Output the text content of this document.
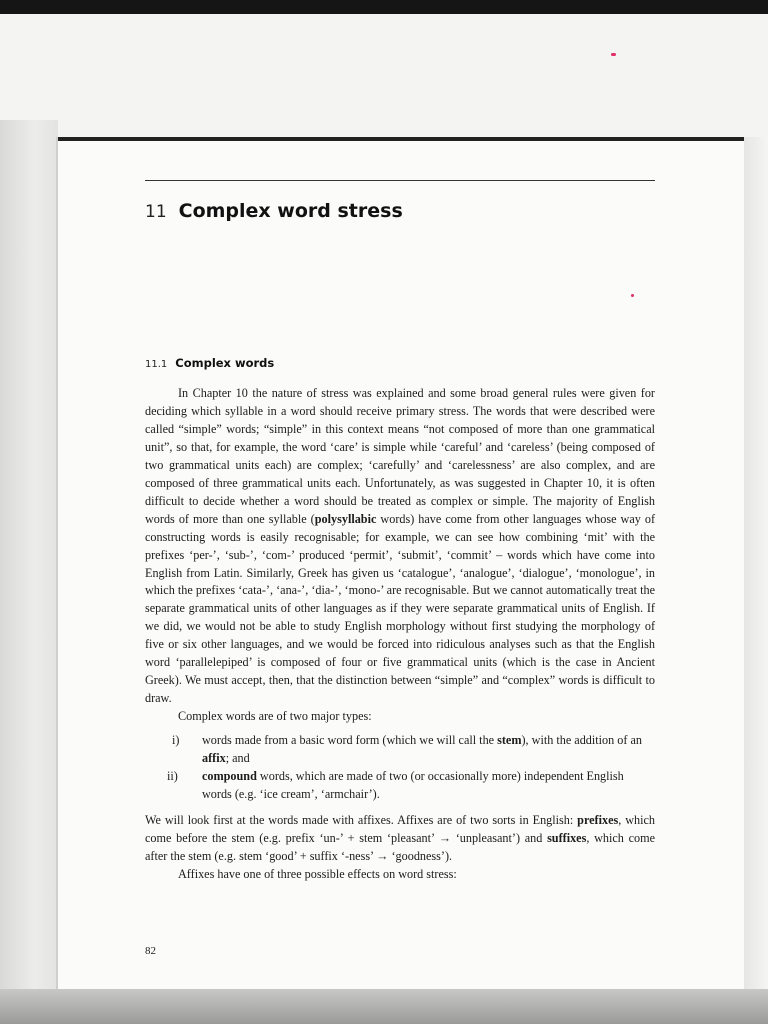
11 Complex word stress
11.1 Complex words

In Chapter 10 the nature of stress was explained and some broad general rules were given for deciding which syllable in a word should receive primary stress. The words that were described were called “simple” words; “simple” in this context means “not composed of more than one grammatical unit”, so that, for example, the word ‘care’ is simple while ‘careful’ and ‘careless’ (being composed of two grammatical units each) are complex; ‘carefully’ and ‘carelessness’ are also complex, and are composed of three grammatical units each. Unfortunately, as was suggested in Chapter 10, it is often difficult to decide whether a word should be treated as complex or simple. The majority of English words of more than one syllable (polysyllabic words) have come from other languages whose way of constructing words is easily recognisable; for example, we can see how combining ‘mit’ with the prefixes ‘per-’, ‘sub-’, ‘com-’ produced ‘permit’, ‘submit’, ‘commit’ – words which have come into English from Latin. Similarly, Greek has given us ‘catalogue’, ‘analogue’, ‘dialogue’, ‘monologue’, in which the prefixes ‘cata-’, ‘ana-’, ‘dia-’, ‘mono-’ are recognisable. But we cannot automatically treat the separate grammatical units of other languages as if they were separate grammatical units of English. If we did, we would not be able to study English morphology without first studying the morphology of five or six other languages, and we would be forced into ridiculous analyses such as that the English word ‘parallelepiped’ is composed of four or five grammatical units (which is the case in Ancient Greek). We must accept, then, that the distinction between “simple” and “complex” words is difficult to draw.

Complex words are of two major types:

i) words made from a basic word form (which we will call the stem), with the addition of an affix; and
ii) compound words, which are made of two (or occasionally more) independent English words (e.g. ‘ice cream’, ‘armchair’).

We will look first at the words made with affixes. Affixes are of two sorts in English: prefixes, which come before the stem (e.g. prefix ‘un-’ + stem ‘pleasant’ → ‘unpleasant’) and suffixes, which come after the stem (e.g. stem ‘good’ + suffix ‘-ness’ → ‘goodness’).

Affixes have one of three possible effects on word stress:

82
